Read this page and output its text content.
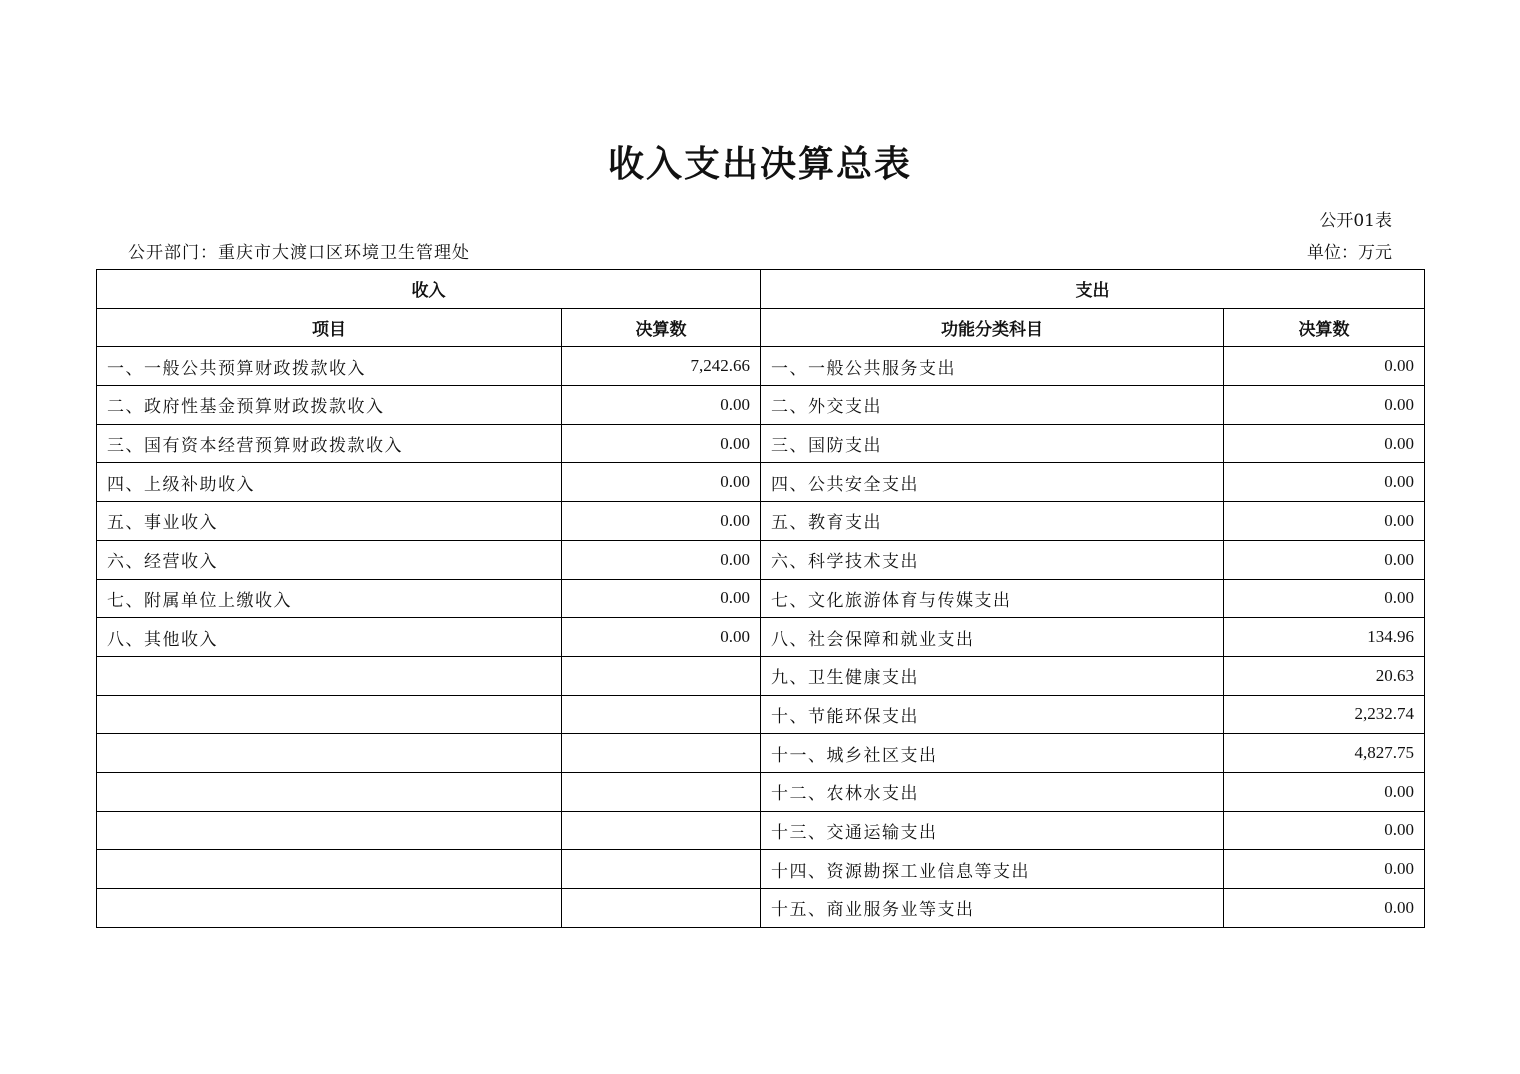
收入支出决算总表
公开01表
公开部门：重庆市大渡口区环境卫生管理处	单位：万元
收入		支出	
项目	决算数	功能分类科目	决算数
一、一般公共预算财政拨款收入	7,242.66	一、一般公共服务支出	0.00
二、政府性基金预算财政拨款收入	0.00	二、外交支出	0.00
三、国有资本经营预算财政拨款收入	0.00	三、国防支出	0.00
四、上级补助收入	0.00	四、公共安全支出	0.00
五、事业收入	0.00	五、教育支出	0.00
六、经营收入	0.00	六、科学技术支出	0.00
七、附属单位上缴收入	0.00	七、文化旅游体育与传媒支出	0.00
八、其他收入	0.00	八、社会保障和就业支出	134.96
		九、卫生健康支出	20.63
		十、节能环保支出	2,232.74
		十一、城乡社区支出	4,827.75
		十二、农林水支出	0.00
		十三、交通运输支出	0.00
		十四、资源勘探工业信息等支出	0.00
		十五、商业服务业等支出	0.00
